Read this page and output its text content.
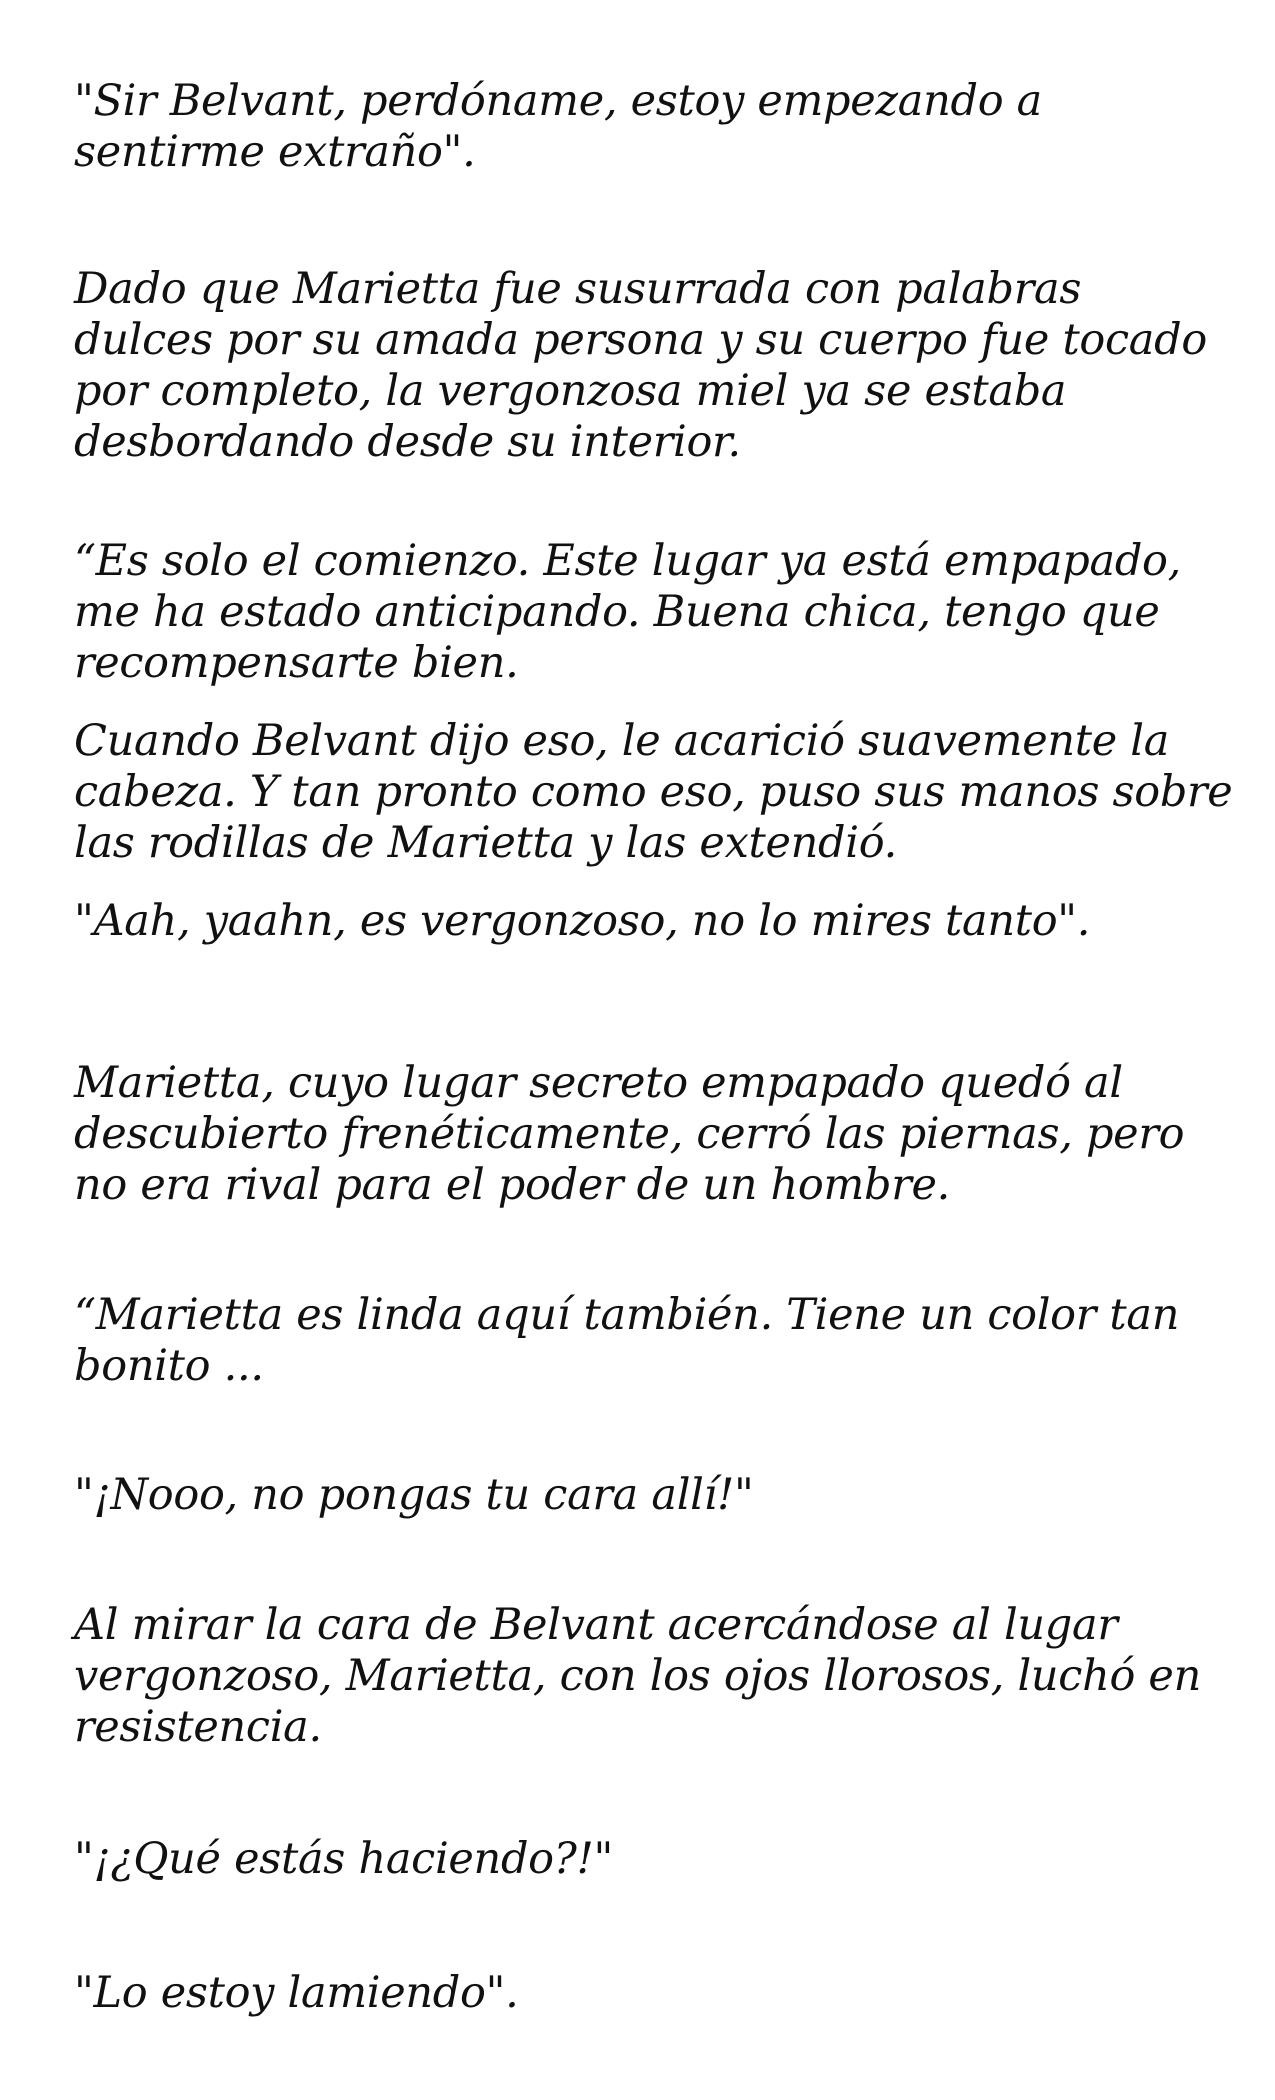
"Sir Belvant, perdóname, estoy empezando a
sentirme extraño".

Dado que Marietta fue susurrada con palabras
dulces por su amada persona y su cuerpo fue tocado
por completo, la vergonzosa miel ya se estaba
desbordando desde su interior.

“Es solo el comienzo. Este lugar ya está empapado,
me ha estado anticipando. Buena chica, tengo que
recompensarte bien.

Cuando Belvant dijo eso, le acarició suavemente la
cabeza. Y tan pronto como eso, puso sus manos sobre
las rodillas de Marietta y las extendió.

"Aah, yaahn, es vergonzoso, no lo mires tanto".

Marietta, cuyo lugar secreto empapado quedó al
descubierto frenéticamente, cerró las piernas, pero
no era rival para el poder de un hombre.

“Marietta es linda aquí también. Tiene un color tan
bonito ...

"¡Nooo, no pongas tu cara allí!"

Al mirar la cara de Belvant acercándose al lugar
vergonzoso, Marietta, con los ojos llorosos, luchó en
resistencia.

"¡¿Qué estás haciendo?!"

"Lo estoy lamiendo".
